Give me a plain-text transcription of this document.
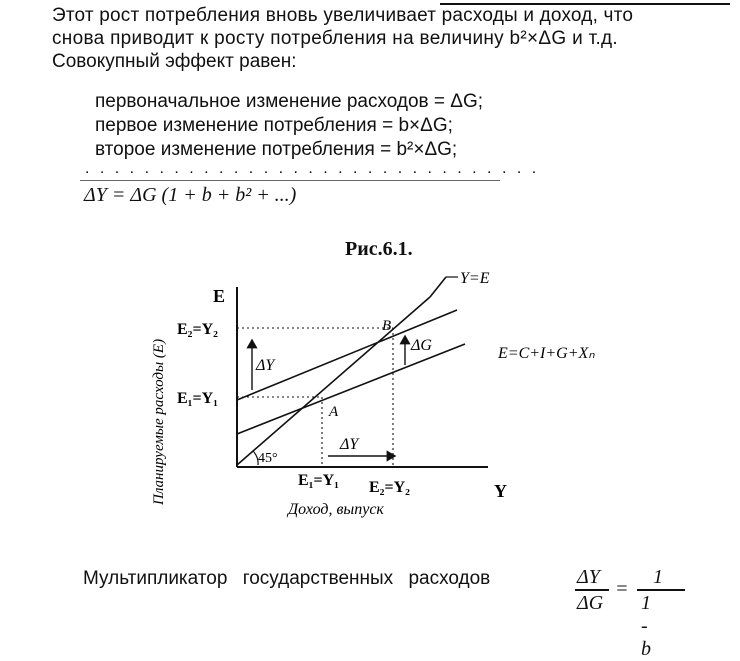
Этот рост потребления вновь увеличивает расходы и доход, что

снова приводит к росту потребления на величину b²×ΔG и т.д.

Совокупный эффект равен:

первоначальное изменение расходов = ΔG;

первое изменение потребления = b×ΔG;

второе изменение потребления = b²×ΔG;

. . . . . . . . . . . . . . . . . . . . . . . . . . . . . . .
ΔY = ΔG (1 + b + b² + ...)
Рис.6.1.
E
Y
E₂=Y₂
E₁=Y₁
E₁=Y₁ E₂=Y₂
Y=E
E=C+I+G+Xₙ
A
B
ΔY
ΔG
ΔY
45°
Доход, выпуск
Планируемые расходы (E)
Мультипликатор государственных расходов	ΔY
ΔG
=
1
1 - b
